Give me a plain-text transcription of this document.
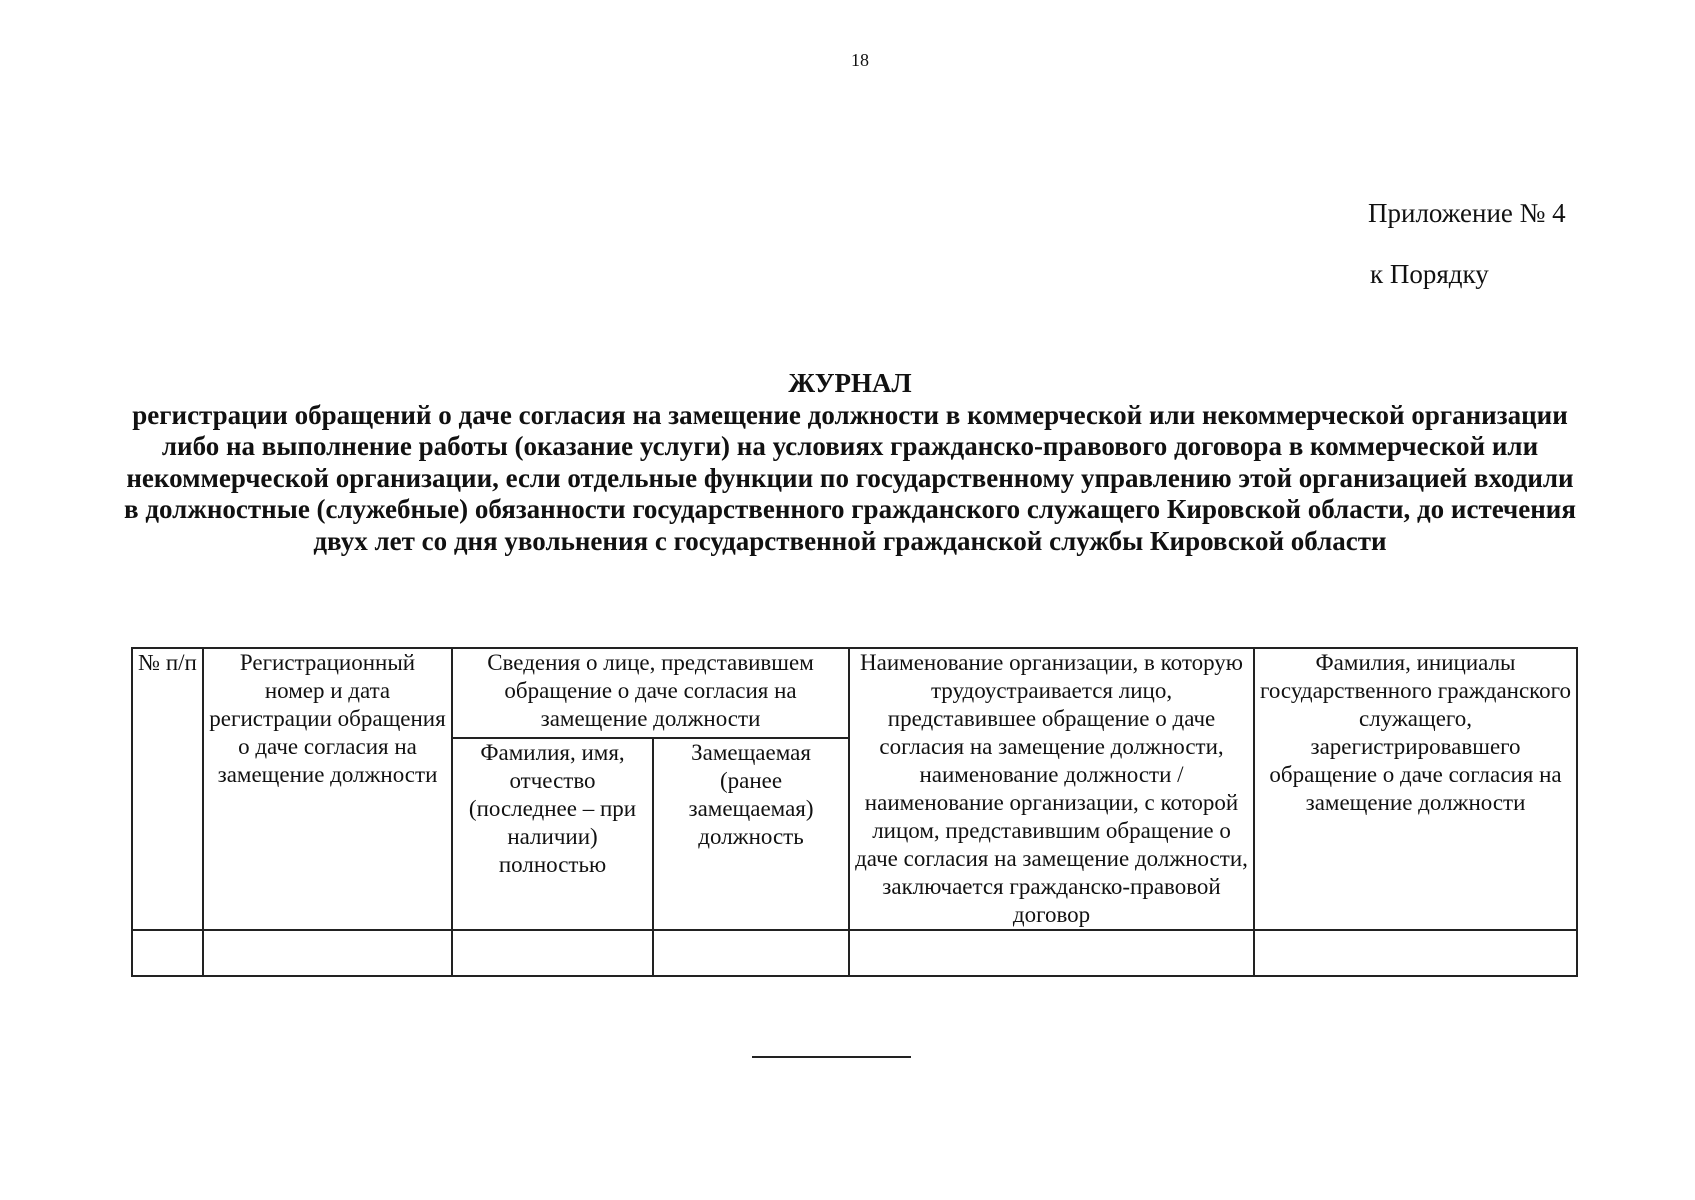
18
Приложение № 4
к Порядку
ЖУРНАЛ
регистрации обращений о даче согласия на замещение должности в коммерческой или некоммерческой организации либо на выполнение работы (оказание услуги) на условиях гражданско-правового договора в коммерческой или некоммерческой организации, если отдельные функции по государственному управлению этой организацией входили в должностные (служебные) обязанности государственного гражданского служащего Кировской области, до истечения двух лет со дня увольнения с государственной гражданской службы Кировской области
№ п/п	Регистрационный номер и дата регистрации обращения о даче согласия на замещение должности	Сведения о лице, представившем обращение о даче согласия на замещение должности		Наименование организации, в которую трудоустраивается лицо, представившее обращение о даче согласия на замещение должности, наименование должности / наименование организации, с которой лицом, представившим обращение о даче согласия на замещение должности, заключается гражданско-правовой договор	Фамилия, инициалы государственного гражданского служащего, зарегистрировавшего обращение о даче согласия на замещение должности
		Фамилия, имя, отчество (последнее – при наличии) полностью	Замещаемая (ранее замещаемая) должность		
